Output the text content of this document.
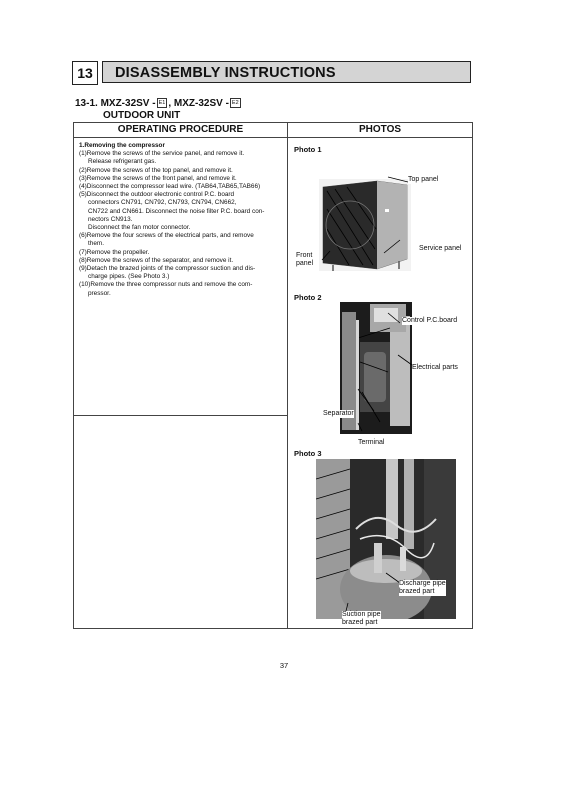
13	DISASSEMBLY INSTRUCTIONS
13-1. MXZ-32SV - E1 , MXZ-32SV - E2
OUTDOOR UNIT
OPERATING PROCEDURE	PHOTOS
1.Removing the compressor
(1)Remove the screws of the service panel, and remove it.
Release refrigerant gas.
(2)Remove the screws of the top panel, and remove it.
(3)Remove the screws of the front panel, and remove it.
(4)Disconnect the compressor lead wire. (TAB64,TAB65,TAB66)
(5)Disconnect the outdoor electronic control P.C. board
connectors CN791, CN792, CN793, CN794, CN662,
CN722 and CN661. Disconnect the noise filter P.C. board con-
nectors CN913.
Disconnect the fan motor connector.
(6)Remove the four screws of the electrical parts, and remove
them.
(7)Remove the propeller.
(8)Remove the screws of the separator, and remove it.
(9)Detach the brazed joints of the compressor suction and dis-
charge pipes. (See Photo 3.)
(10)Remove the three compressor nuts and remove the com-
pressor.
Photo 1
Top panel
Front
panel
Service panel
Photo 2
Control P.C.board
Electrical parts
Separator
Terminal
Photo 3
Discharge pipe
brazed part
Suction pipe
brazed part
37
